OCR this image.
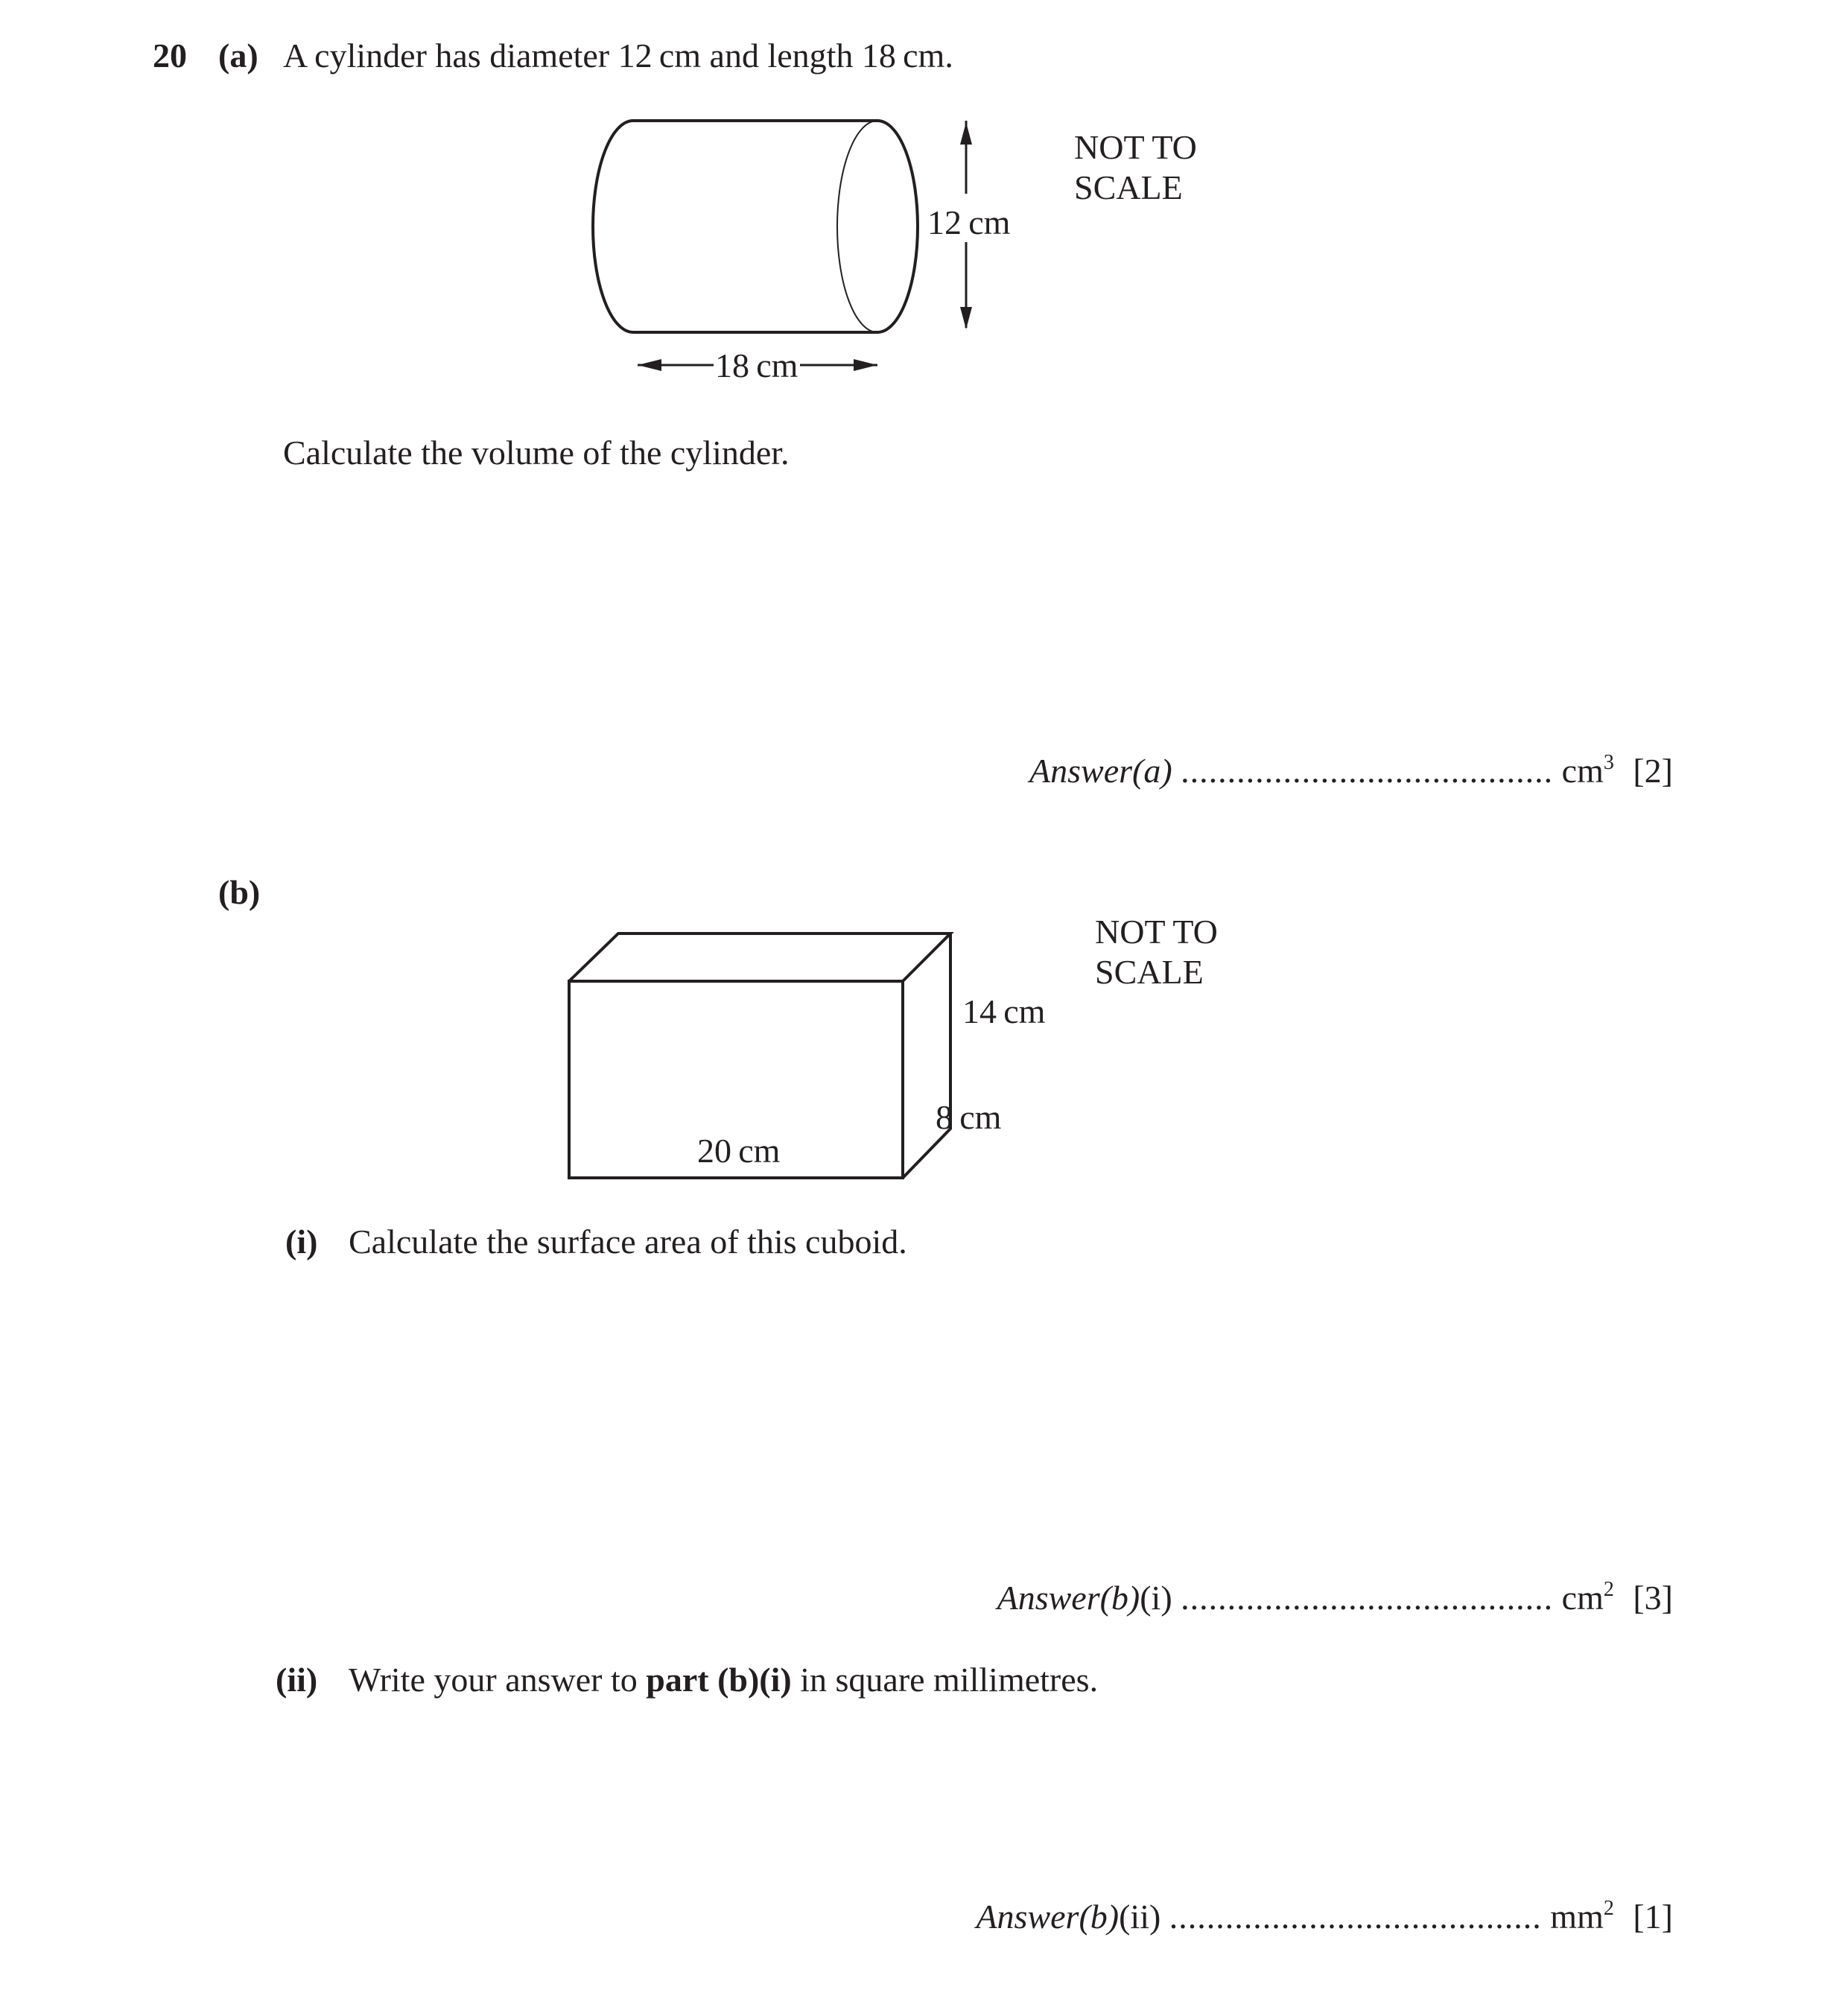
20 (a) A cylinder has diameter 12 cm and length 18 cm.
12 cm
18 cm
NOT TO
SCALE
Calculate the volume of the cylinder.
Answer(a) ........................................ $cm^3$ [2]
(b)
14 cm
8 cm
20 cm
NOT TO
SCALE
(i) Calculate the surface area of this cuboid.
Answer(b)(i) ........................................ $cm^2$ [3]
(ii) Write your answer to part (b)(i) in square millimetres.
Answer(b)(ii) ........................................ $mm^2$ [1]
